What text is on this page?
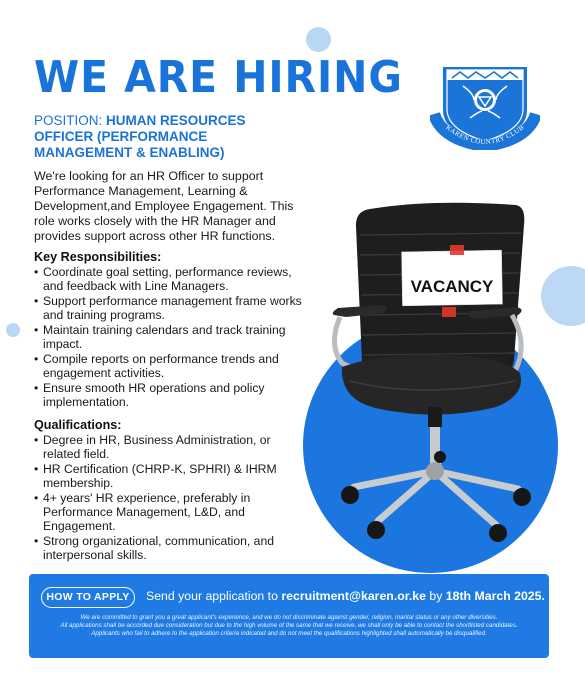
WE ARE HIRING
POSITION: HUMAN RESOURCES OFFICER (PERFORMANCE MANAGEMENT & ENABLING)
We're looking for an HR Officer to support Performance Management, Learning & Development,and Employee Engagement. This role works closely with the HR Manager and provides support across other HR functions.
Key Responsibilities:
• Coordinate goal setting, performance reviews, and feedback with Line Managers.
• Support performance management frame works and training programs.
• Maintain training calendars and track training impact.
• Compile reports on performance trends and engagement activities.
• Ensure smooth HR operations and policy implementation.
Qualifications:
• Degree in HR, Business Administration, or related field.
• HR Certification (CHRP-K, SPHRI) & IHRM membership.
• 4+ years' HR experience, preferably in Performance Management, L&D, and Engagement.
• Strong organizational, communication, and interpersonal skills.
KAREN COUNTRY CLUB
VACANCY
HOW TO APPLY	Send your application to recruitment@karen.or.ke by 18th March 2025.
We are committed to grant you a great applicant's experience, and we do not discriminate against gender, religion, marital status or any other diversities.
All applications shall be accorded due consideration but due to the high volume of the same that we receive, we shall only be able to contact the shortlisted candidates.
Applicants who fail to adhere to the application criteria indicated and do not meet the qualifications highlighted shall automatically be disqualified.
